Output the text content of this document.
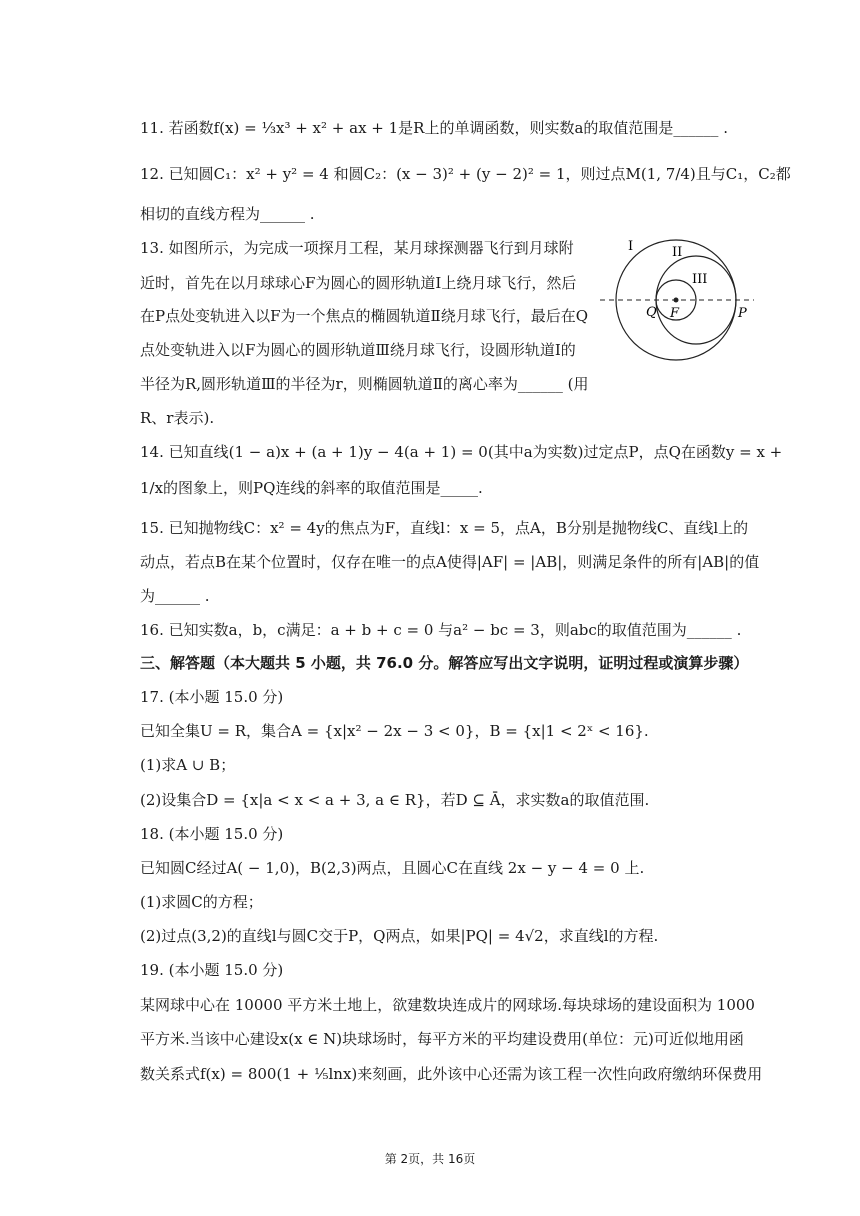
11. 若函数f(x) = ⅓x³ + x² + ax + 1是R上的单调函数，则实数a的取值范围是______ .
12. 已知圆C₁：x² + y² = 4 和圆C₂：(x − 3)² + (y − 2)² = 1，则过点M(1, 7/4)且与C₁，C₂都
相切的直线方程为______ .
13. 如图所示，为完成一项探月工程，某月球探测器飞行到月球附
近时，首先在以月球球心F为圆心的圆形轨道Ⅰ上绕月球飞行，然后
在P点处变轨进入以F为一个焦点的椭圆轨道Ⅱ绕月球飞行，最后在Q
点处变轨进入以F为圆心的圆形轨道Ⅲ绕月球飞行，设圆形轨道Ⅰ的
半径为R,圆形轨道Ⅲ的半径为r，则椭圆轨道Ⅱ的离心率为______ (用
R、r表示).
I	II
III
Q F	P
14. 已知直线(1 − a)x + (a + 1)y − 4(a + 1) = 0(其中a为实数)过定点P，点Q在函数y = x +
1/x的图象上，则PQ连线的斜率的取值范围是_____.
15. 已知抛物线C：x² = 4y的焦点为F，直线l：x = 5，点A，B分别是抛物线C、直线l上的
动点，若点B在某个位置时，仅存在唯一的点A使得|AF| = |AB|，则满足条件的所有|AB|的值
为______ .
16. 已知实数a，b，c满足：a + b + c = 0 与a² − bc = 3，则abc的取值范围为______ .
三、解答题（本大题共 5 小题，共 76.0 分。解答应写出文字说明，证明过程或演算步骤）
17. (本小题 15.0 分)
已知全集U = R，集合A = {x|x² − 2x − 3 < 0}，B = {x|1 < 2ˣ < 16}.
(1)求A ∪ B；
(2)设集合D = {x|a < x < a + 3, a ∈ R}，若D ⊆ Ā，求实数a的取值范围.
18. (本小题 15.0 分)
已知圆C经过A( − 1,0)，B(2,3)两点，且圆心C在直线 2x − y − 4 = 0 上.
(1)求圆C的方程；
(2)过点(3,2)的直线l与圆C交于P，Q两点，如果|PQ| = 4√2，求直线l的方程.
19. (本小题 15.0 分)
某网球中心在 10000 平方米土地上，欲建数块连成片的网球场.每块球场的建设面积为 1000
平方米.当该中心建设x(x ∈ N)块球场时，每平方米的平均建设费用(单位：元)可近似地用函
数关系式f(x) = 800(1 + ⅕lnx)来刻画，此外该中心还需为该工程一次性向政府缴纳环保费用
第 2页，共 16页
